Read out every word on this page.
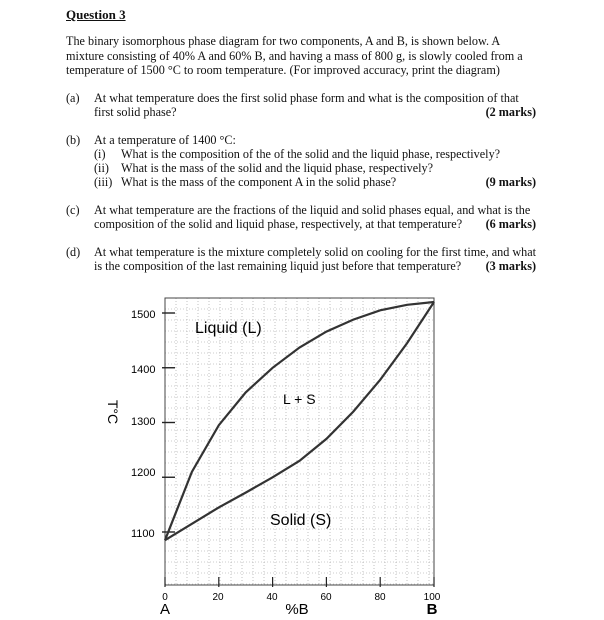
Question 3
The binary isomorphous phase diagram for two components, A and B, is shown below. A
mixture consisting of 40% A and 60% B, and having a mass of 800 g, is slowly cooled from a
temperature of 1500 °C to room temperature. (For improved accuracy, print the diagram)
(a) At what temperature does the first solid phase form and what is the composition of that
first solid phase?	(2 marks)
(b) At a temperature of 1400 °C:
(i) What is the composition of the of the solid and the liquid phase, respectively?
(ii) What is the mass of the solid and the liquid phase, respectively?
(iii) What is the mass of the component A in the solid phase?	(9 marks)
(c) At what temperature are the fractions of the liquid and solid phases equal, and what is the
composition of the solid and liquid phase, respectively, at that temperature? (6 marks)
(d) At what temperature is the mixture completely solid on cooling for the first time, and what
is the composition of the last remaining liquid just before that temperature? (3 marks)
1500
1400
1300
1200
1100
0	20	40	60	80	100
A	B
%B
T°C
Liquid (L)
L + S
Solid (S)
